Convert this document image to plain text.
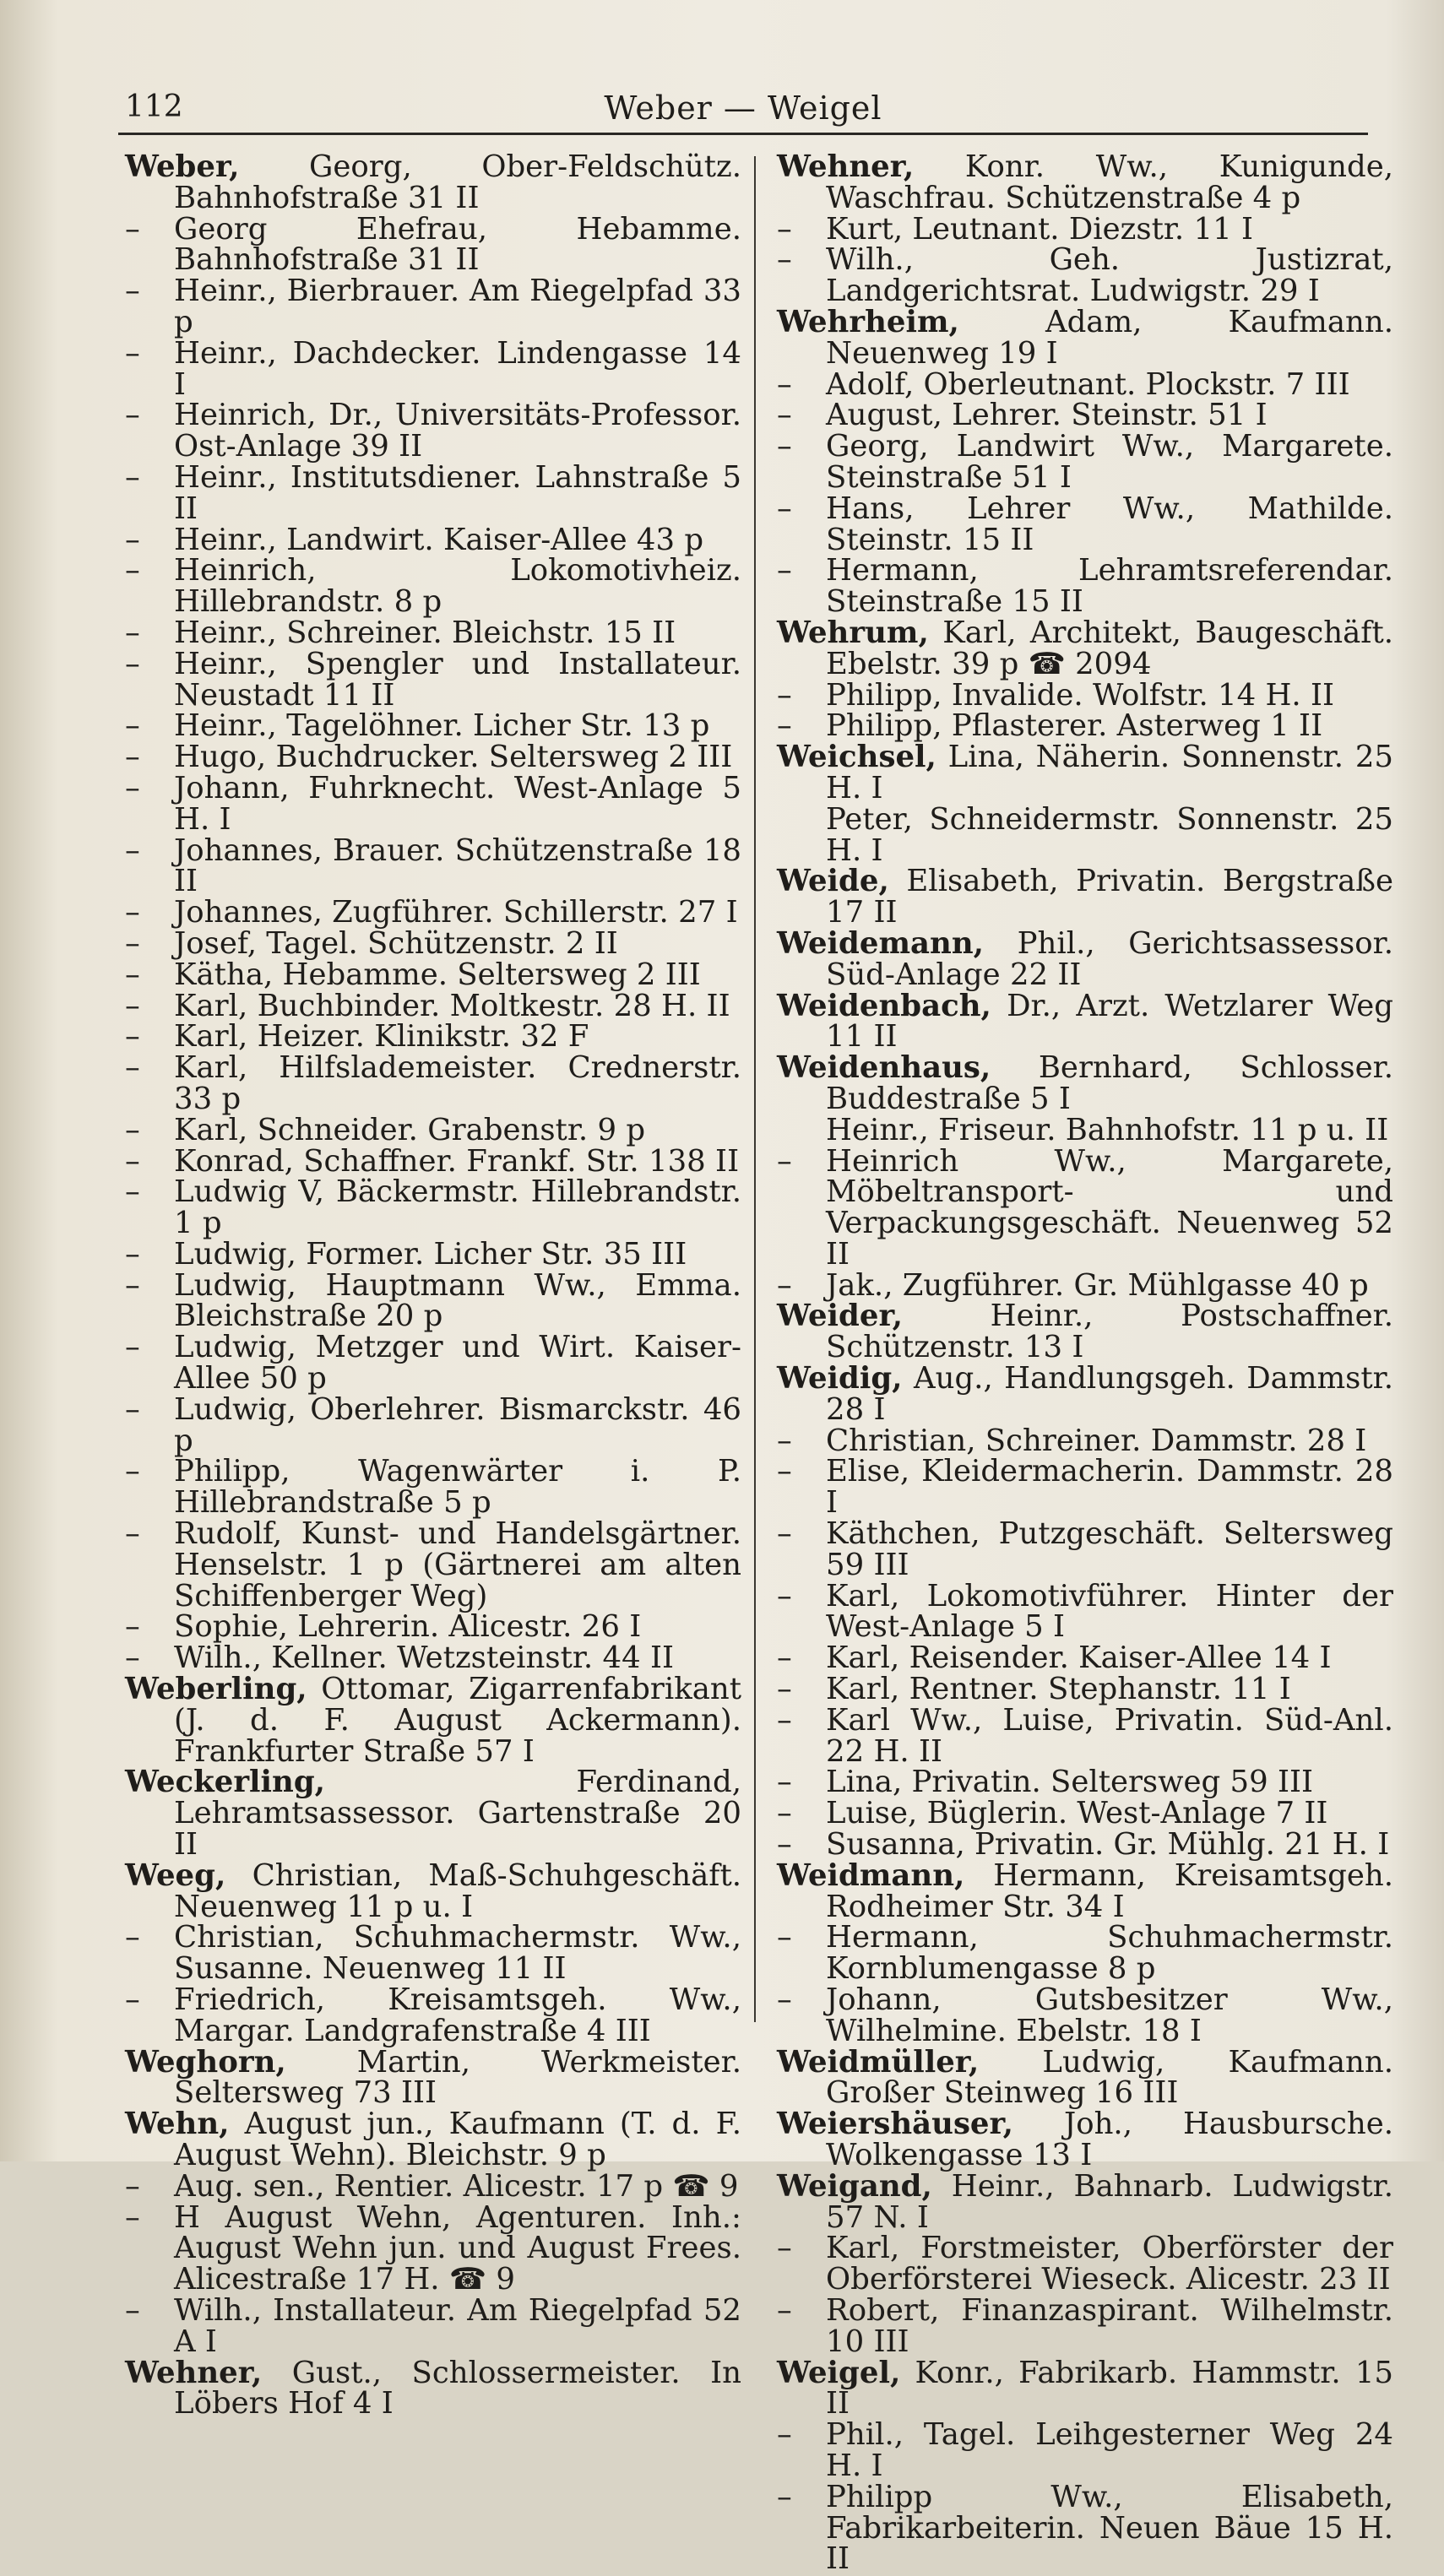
112	Weber — Weigel

Weber, Georg, Ober-Feldschütz. Bahnhofstraße 31 II

– Georg Ehefrau, Hebamme. Bahnhofstraße 31 II

– Heinr., Bierbrauer. Am Riegelpfad 33 p

– Heinr., Dachdecker. Lindengasse 14 I

– Heinrich, Dr., Universitäts-Professor. Ost-Anlage 39 II

– Heinr., Institutsdiener. Lahnstraße 5 II

– Heinr., Landwirt. Kaiser-Allee 43 p

– Heinrich, Lokomotivheiz. Hillebrandstr. 8 p

– Heinr., Schreiner. Bleichstr. 15 II

– Heinr., Spengler und Installateur. Neustadt 11 II

– Heinr., Tagelöhner. Licher Str. 13 p

– Hugo, Buchdrucker. Seltersweg 2 III

– Johann, Fuhrknecht. West-Anlage 5 H. I

– Johannes, Brauer. Schützenstraße 18 II

– Johannes, Zugführer. Schillerstr. 27 I

– Josef, Tagel. Schützenstr. 2 II

– Kätha, Hebamme. Seltersweg 2 III

– Karl, Buchbinder. Moltkestr. 28 H. II

– Karl, Heizer. Klinikstr. 32 F

– Karl, Hilfslademeister. Crednerstr. 33 p

– Karl, Schneider. Grabenstr. 9 p

– Konrad, Schaffner. Frankf. Str. 138 II

– Ludwig V, Bäckermstr. Hillebrandstr. 1 p

– Ludwig, Former. Licher Str. 35 III

– Ludwig, Hauptmann Ww., Emma. Bleichstraße 20 p

– Ludwig, Metzger und Wirt. Kaiser-Allee 50 p

– Ludwig, Oberlehrer. Bismarckstr. 46 p

– Philipp, Wagenwärter i. P. Hillebrandstraße 5 p

– Rudolf, Kunst- und Handelsgärtner. Henselstr. 1 p (Gärtnerei am alten Schiffenberger Weg)

– Sophie, Lehrerin. Alicestr. 26 I

– Wilh., Kellner. Wetzsteinstr. 44 II

Weberling, Ottomar, Zigarrenfabrikant (J. d. F. August Ackermann). Frankfurter Straße 57 I

Weckerling, Ferdinand, Lehramtsassessor. Gartenstraße 20 II

Weeg, Christian, Maß-Schuhgeschäft. Neuenweg 11 p u. I

– Christian, Schuhmachermstr. Ww., Susanne. Neuenweg 11 II

– Friedrich, Kreisamtsgeh. Ww., Margar. Landgrafenstraße 4 III

Weghorn, Martin, Werkmeister. Seltersweg 73 III

Wehn, August jun., Kaufmann (T. d. F. August Wehn). Bleichstr. 9 p

– Aug. sen., Rentier. Alicestr. 17 p ☎ 9

– H August Wehn, Agenturen. Inh.: August Wehn jun. und August Frees. Alicestraße 17 H. ☎ 9

– Wilh., Installateur. Am Riegelpfad 52 A I

Wehner, Gust., Schlossermeister. In Löbers Hof 4 I

Wehner, Konr. Ww., Kunigunde, Waschfrau. Schützenstraße 4 p

– Kurt, Leutnant. Diezstr. 11 I

– Wilh., Geh. Justizrat, Landgerichtsrat. Ludwigstr. 29 I

Wehrheim, Adam, Kaufmann. Neuenweg 19 I

– Adolf, Oberleutnant. Plockstr. 7 III

– August, Lehrer. Steinstr. 51 I

– Georg, Landwirt Ww., Margarete. Steinstraße 51 I

– Hans, Lehrer Ww., Mathilde. Steinstr. 15 II

– Hermann, Lehramtsreferendar. Steinstraße 15 II

Wehrum, Karl, Architekt, Baugeschäft. Ebelstr. 39 p ☎ 2094

– Philipp, Invalide. Wolfstr. 14 H. II

– Philipp, Pflasterer. Asterweg 1 II

Weichsel, Lina, Näherin. Sonnenstr. 25 H. I

Peter, Schneidermstr. Sonnenstr. 25 H. I

Weide, Elisabeth, Privatin. Bergstraße 17 II

Weidemann, Phil., Gerichtsassessor. Süd-Anlage 22 II

Weidenbach, Dr., Arzt. Wetzlarer Weg 11 II

Weidenhaus, Bernhard, Schlosser. Buddestraße 5 I

Heinr., Friseur. Bahnhofstr. 11 p u. II

– Heinrich Ww., Margarete, Möbeltransport- und Verpackungsgeschäft. Neuenweg 52 II

– Jak., Zugführer. Gr. Mühlgasse 40 p

Weider, Heinr., Postschaffner. Schützenstr. 13 I

Weidig, Aug., Handlungsgeh. Dammstr. 28 I

– Christian, Schreiner. Dammstr. 28 I

– Elise, Kleidermacherin. Dammstr. 28 I

– Käthchen, Putzgeschäft. Seltersweg 59 III

– Karl, Lokomotivführer. Hinter der West-Anlage 5 I

– Karl, Reisender. Kaiser-Allee 14 I

– Karl, Rentner. Stephanstr. 11 I

– Karl Ww., Luise, Privatin. Süd-Anl. 22 H. II

– Lina, Privatin. Seltersweg 59 III

– Luise, Büglerin. West-Anlage 7 II

– Susanna, Privatin. Gr. Mühlg. 21 H. I

Weidmann, Hermann, Kreisamtsgeh. Rodheimer Str. 34 I

– Hermann, Schuhmachermstr. Kornblumengasse 8 p

– Johann, Gutsbesitzer Ww., Wilhelmine. Ebelstr. 18 I

Weidmüller, Ludwig, Kaufmann. Großer Steinweg 16 III

Weiershäuser, Joh., Hausbursche. Wolkengasse 13 I

Weigand, Heinr., Bahnarb. Ludwigstr. 57 N. I

– Karl, Forstmeister, Oberförster der Oberförsterei Wieseck. Alicestr. 23 II

– Robert, Finanzaspirant. Wilhelmstr. 10 III

Weigel, Konr., Fabrikarb. Hammstr. 15 II

– Phil., Tagel. Leihgesterner Weg 24 H. I

– Philipp Ww., Elisabeth, Fabrikarbeiterin. Neuen Bäue 15 H. II
